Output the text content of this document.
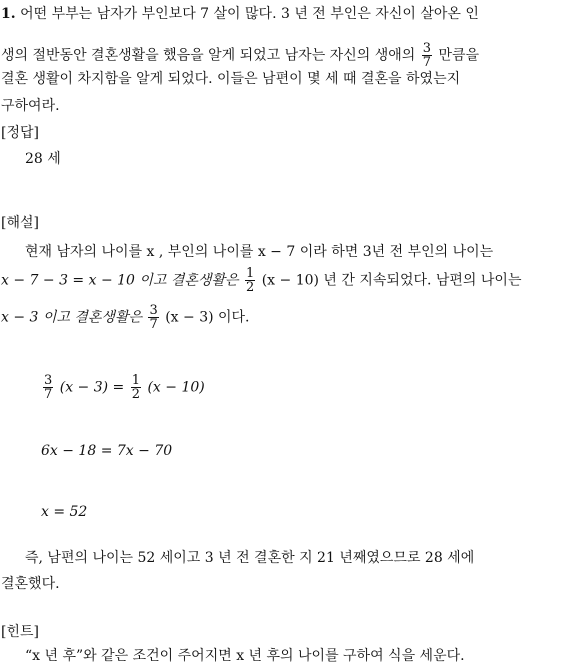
1. 어떤 부부는 남자가 부인보다 7 살이 많다. 3 년 전 부인은 자신이 살아온 인
생의 절반동안 결혼생활을 했음을 알게 되었고 남자는 자신의 생애의 $\frac{3}{7}$ 만큼을
결혼 생활이 차지함을 알게 되었다. 이들은 남편이 몇 세 때 결혼을 하였는지
구하여라.
[정답]
28 세
[해설]
현재 남자의 나이를 x , 부인의 나이를 x − 7 이라 하면 3년 전 부인의 나이는
x − 7 − 3 = x − 10 이고 결혼생활은 $\frac{1}{2} (x - 10)$ 년 간 지속되었다. 남편의 나이는
x − 3 이고 결혼생활은 $\frac{3}{7} (x - 3)$ 이다.
$\frac{3}{7} (x - 3) = \frac{1}{2} (x - 10)$
6x − 18 = 7x − 70
x = 52
즉, 남편의 나이는 52 세이고 3 년 전 결혼한 지 21 년째였으므로 28 세에
결혼했다.
[힌트]
“x 년 후”와 같은 조건이 주어지면 x 년 후의 나이를 구하여 식을 세운다.
